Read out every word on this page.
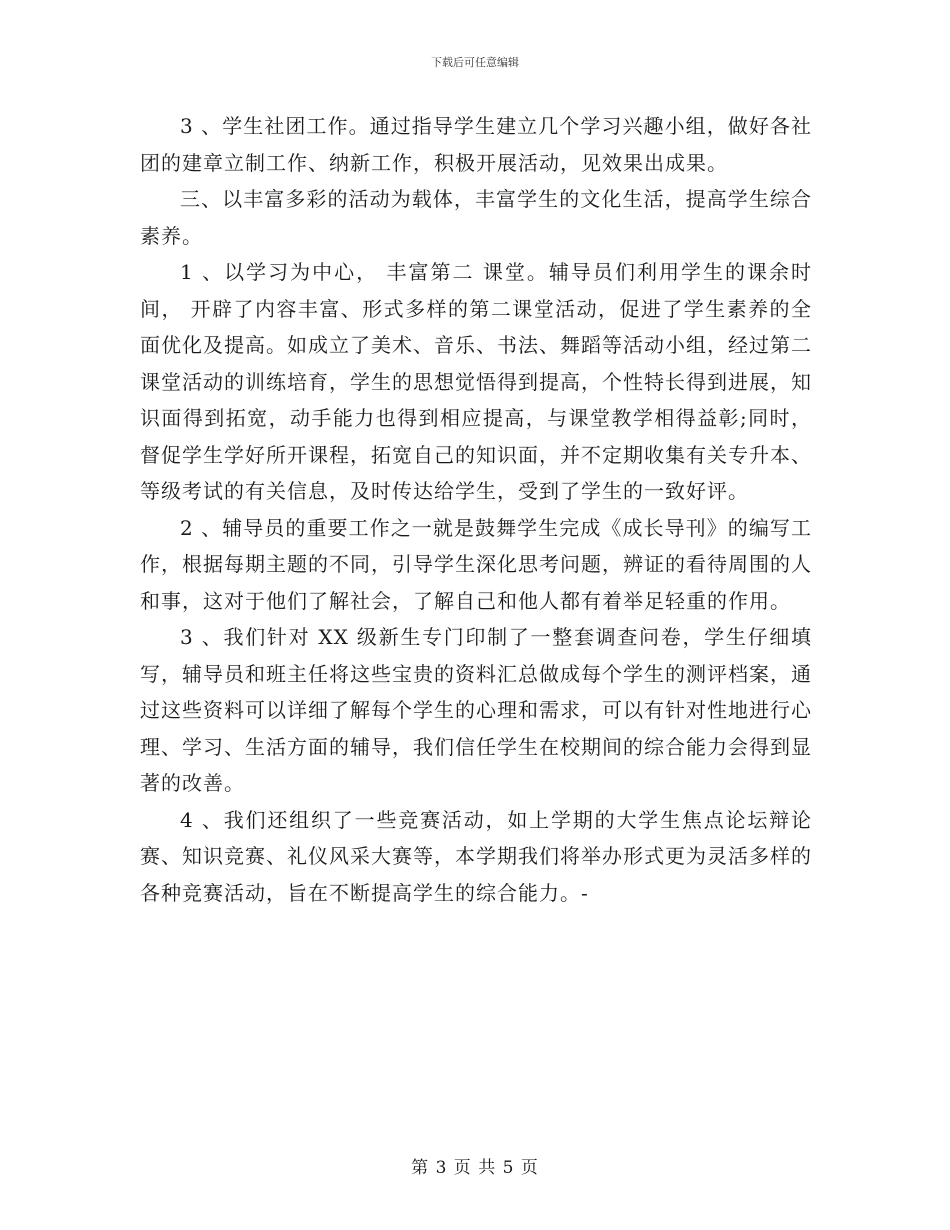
下载后可任意编辑

3 、学生社团工作。通过指导学生建立几个学习兴趣小组，做好各社团的建章立制工作、纳新工作，积极开展活动，见效果出成果。

三、以丰富多彩的活动为载体，丰富学生的文化生活，提高学生综合素养。

1 、以学习为中心， 丰富第二 课堂。辅导员们利用学生的课余时间， 开辟了内容丰富、形式多样的第二课堂活动，促进了学生素养的全面优化及提高。如成立了美术、音乐、书法、舞蹈等活动小组，经过第二课堂活动的训练培育，学生的思想觉悟得到提高，个性特长得到进展，知识面得到拓宽，动手能力也得到相应提高，与课堂教学相得益彰;同时，督促学生学好所开课程，拓宽自己的知识面，并不定期收集有关专升本、等级考试的有关信息，及时传达给学生，受到了学生的一致好评。

2 、辅导员的重要工作之一就是鼓舞学生完成《成长导刊》的编写工作，根据每期主题的不同，引导学生深化思考问题，辨证的看待周围的人和事，这对于他们了解社会，了解自己和他人都有着举足轻重的作用。

3 、我们针对 XX 级新生专门印制了一整套调查问卷，学生仔细填写，辅导员和班主任将这些宝贵的资料汇总做成每个学生的测评档案，通过这些资料可以详细了解每个学生的心理和需求，可以有针对性地进行心理、学习、生活方面的辅导，我们信任学生在校期间的综合能力会得到显著的改善。

4 、我们还组织了一些竞赛活动，如上学期的大学生焦点论坛辩论赛、知识竞赛、礼仪风采大赛等，本学期我们将举办形式更为灵活多样的各种竞赛活动，旨在不断提高学生的综合能力。-

第 3 页 共 5 页
